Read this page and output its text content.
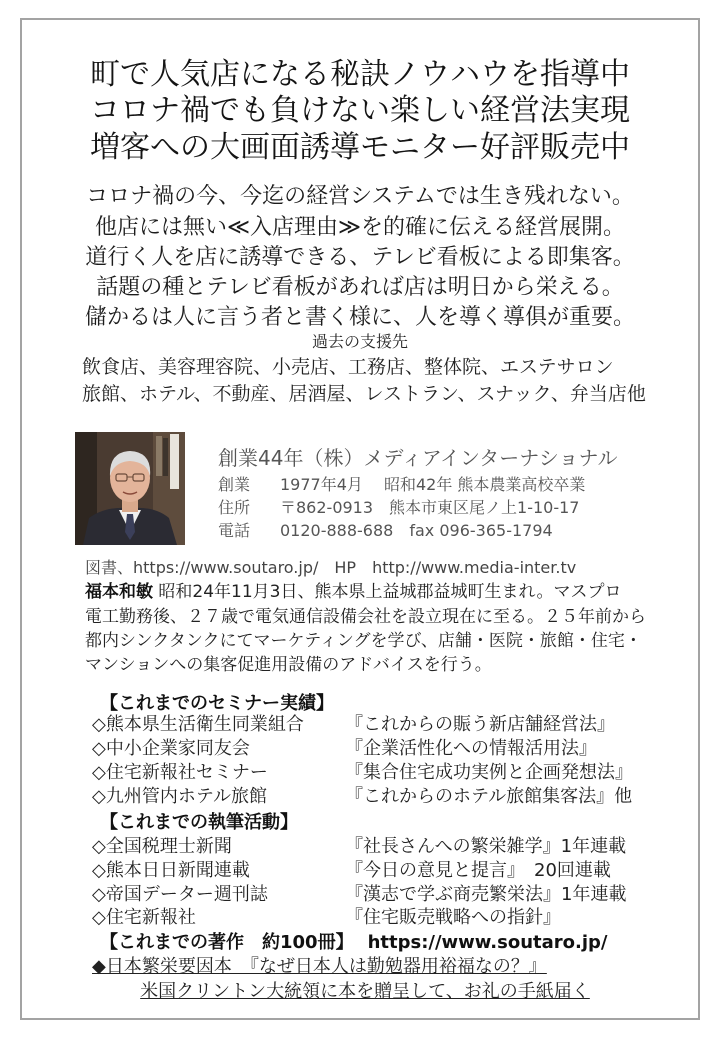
町で人気店になる秘訣ノウハウを指導中
コロナ禍でも負けない楽しい経営法実現
増客への大画面誘導モニター好評販売中
コロナ禍の今、今迄の経営システムでは生き残れない。
他店には無い≪入店理由≫を的確に伝える経営展開。
道行く人を店に誘導できる、テレビ看板による即集客。
話題の種とテレビ看板があれば店は明日から栄える。
儲かるは人に言う者と書く様に、人を導く導俱が重要。
過去の支援先
飲食店、美容理容院、小売店、工務店、整体院、エステサロン
旅館、ホテル、不動産、居酒屋、レストラン、スナック、弁当店他
創業44年（株）メディアインターナショナル
創業 1977年4月　 昭和42年 熊本農業高校卒業
住所 〒862-0913　熊本市東区尾ノ上1-10-17
電話 0120-888-688　fax 096-365-1794
図書、https://www.soutaro.jp/　HP　http://www.media-inter.tv
福本和敏 昭和24年11月3日、熊本県上益城郡益城町生まれ。マスプロ
電工勤務後、２７歳で電気通信設備会社を設立現在に至る。２５年前から
都内シンクタンクにてマーケティングを学び、店舗・医院・旅館・住宅・
マンションへの集客促進用設備のアドバイスを行う。
【これまでのセミナー実績】
◇熊本県生活衛生同業組合 『これからの賑う新店舗経営法』
◇中小企業家同友会	『企業活性化への情報活用法』
◇住宅新報社セミナー	『集合住宅成功実例と企画発想法』
◇九州管内ホテル旅館	『これからのホテル旅館集客法』他
【これまでの執筆活動】
◇全国税理士新聞	『社長さんへの繁栄雑学』1年連載
◇熊本日日新聞連載	『今日の意見と提言』　20回連載
◇帝国データー週刊誌	『漢志で学ぶ商売繁栄法』1年連載
◇住宅新報社	『住宅販売戦略への指針』
【これまでの著作　約100冊】 https://www.soutaro.jp/
◆日本繁栄要因本　『なぜ日本人は勤勉器用裕福なの？』
米国クリントン大統領に本を贈呈して、お礼の手紙届く
